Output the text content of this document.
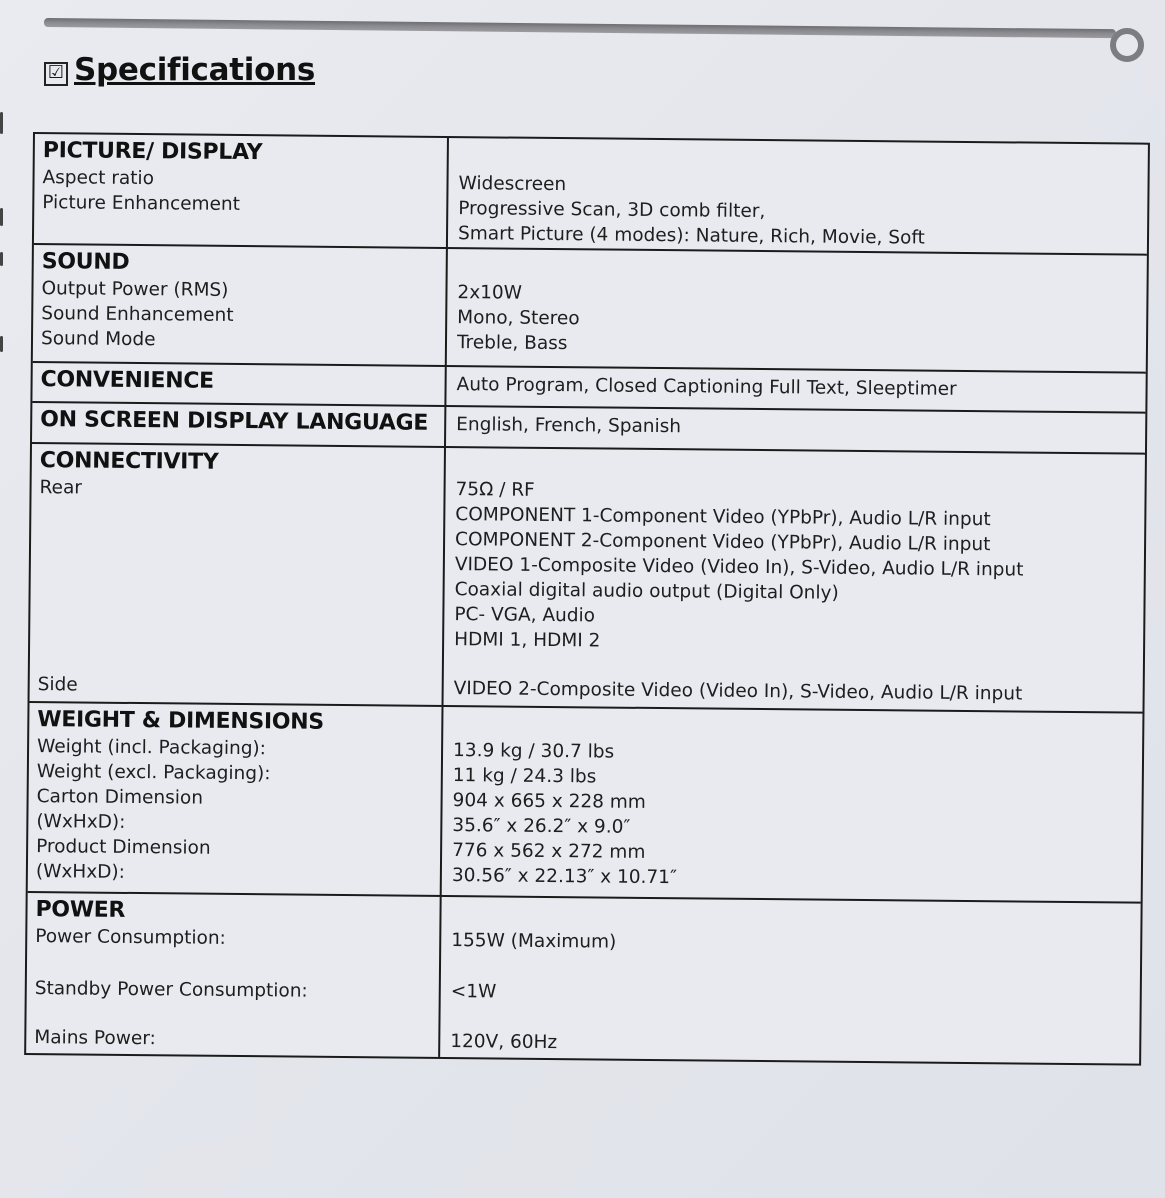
☑ Specifications
PICTURE/ DISPLAY
Aspect ratio
Picture Enhancement
Widescreen
Progressive Scan, 3D comb filter,
Smart Picture (4 modes): Nature, Rich, Movie, Soft
SOUND
Output Power (RMS)
Sound Enhancement
Sound Mode
2x10W
Mono, Stereo
Treble, Bass
CONVENIENCE	Auto Program, Closed Captioning Full Text, Sleeptimer
ON SCREEN DISPLAY LANGUAGE	English, French, Spanish
CONNECTIVITY
Rear
Side
75Ω / RF
COMPONENT 1-Component Video (YPbPr), Audio L/R input
COMPONENT 2-Component Video (YPbPr), Audio L/R input
VIDEO 1-Composite Video (Video In), S-Video, Audio L/R input
Coaxial digital audio output (Digital Only)
PC- VGA, Audio
HDMI 1, HDMI 2
VIDEO 2-Composite Video (Video In), S-Video, Audio L/R input
WEIGHT & DIMENSIONS
Weight (incl. Packaging):
Weight (excl. Packaging):
Carton Dimension
(WxHxD):
Product Dimension
(WxHxD):
13.9 kg / 30.7 lbs
11 kg / 24.3 lbs
904 x 665 x 228 mm
35.6″ x 26.2″ x 9.0″
776 x 562 x 272 mm
30.56″ x 22.13″ x 10.71″
POWER
Power Consumption:
Standby Power Consumption:
Mains Power:
155W (Maximum)
<1W
120V, 60Hz
